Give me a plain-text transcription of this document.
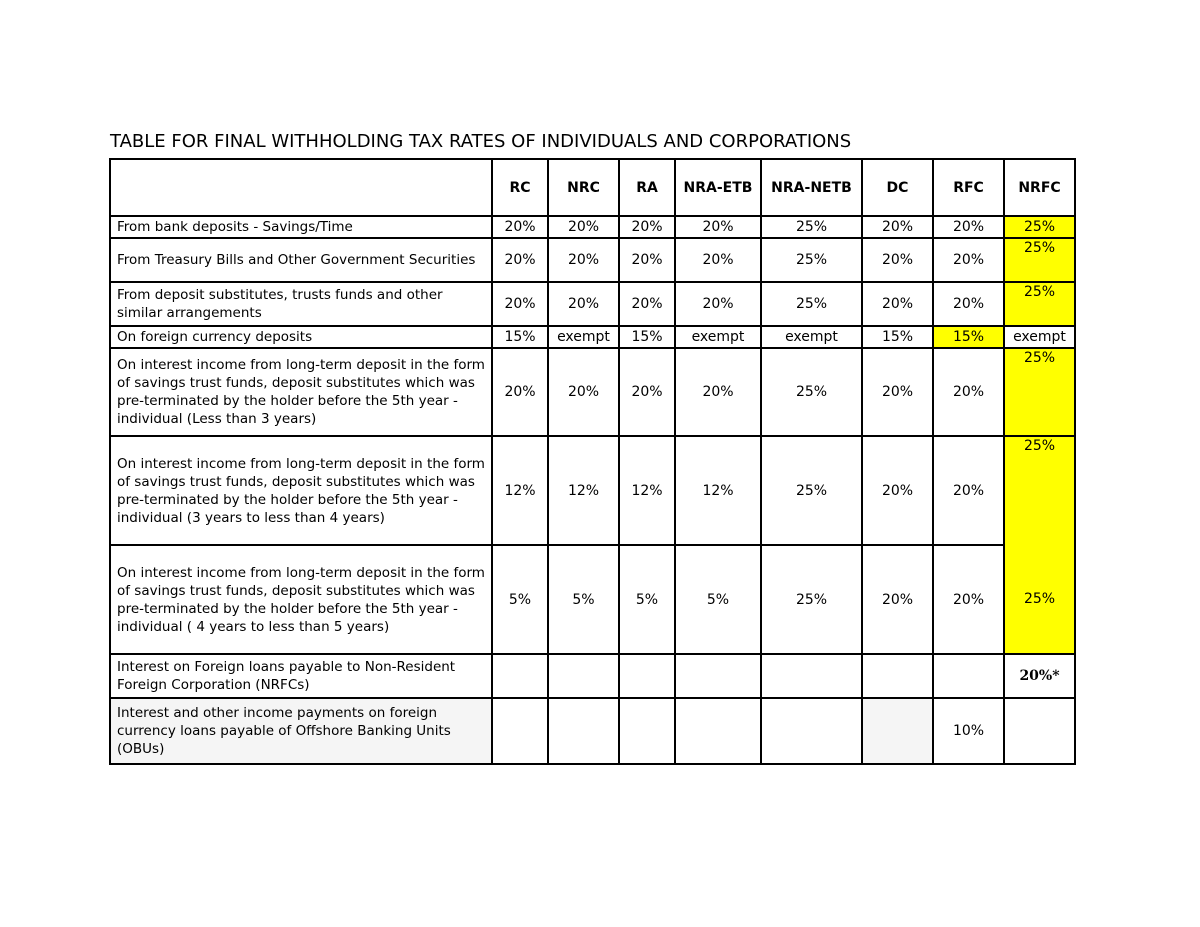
TABLE FOR FINAL WITHHOLDING TAX RATES OF INDIVIDUALS AND CORPORATIONS
	RC	NRC	RA	NRA-ETB	NRA-NETB	DC	RFC	NRFC
From bank deposits - Savings/Time	20%	20%	20%	20%	25%	20%	20%	25%
From Treasury Bills and Other Government Securities	20%	20%	20%	20%	25%	20%	20%	25%
From deposit substitutes, trusts funds and other similar arrangements	20%	20%	20%	20%	25%	20%	20%	25%
On foreign currency deposits	15%	exempt	15%	exempt	exempt	15%	15%	exempt
On interest income from long-term deposit in the form of savings trust funds, deposit substitutes which was pre-terminated by the holder before the 5th year - individual (Less than 3 years)	20%	20%	20%	20%	25%	20%	20%	25%
On interest income from long-term deposit in the form of savings trust funds, deposit substitutes which was pre-terminated by the holder before the 5th year - individual (3 years to less than 4 years)	12%	12%	12%	12%	25%	20%	20%	25%
On interest income from long-term deposit in the form of savings trust funds, deposit substitutes which was pre-terminated by the holder before the 5th year - individual ( 4 years to less than 5 years)	5%	5%	5%	5%	25%	20%	20%	25%
Interest on Foreign loans payable to Non-Resident Foreign Corporation (NRFCs)								20%*
Interest and other income payments on foreign currency loans payable of Offshore Banking Units (OBUs)							10%	
